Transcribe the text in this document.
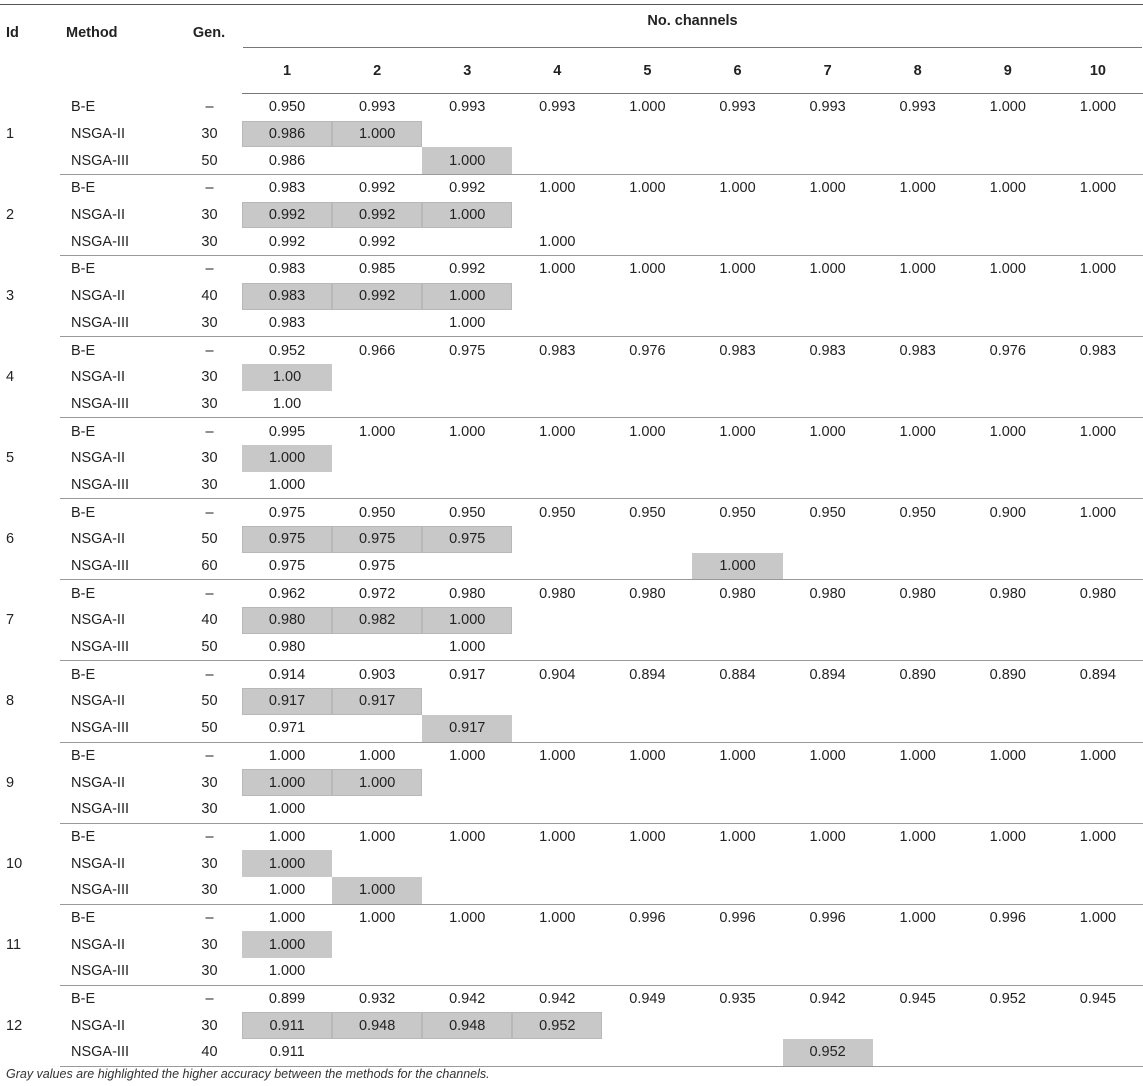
Id	Method	Gen.	No. channels									

			1	2	3	4	5	6	7	8	9	10
1	B-E	–	0.950	0.993	0.993	0.993	1.000	0.993	0.993	0.993	1.000	1.000
	NSGA-II	30	0.986	1.000								
	NSGA-III	50	0.986		1.000							
2	B-E	–	0.983	0.992	0.992	1.000	1.000	1.000	1.000	1.000	1.000	1.000
	NSGA-II	30	0.992	0.992	1.000							
	NSGA-III	30	0.992	0.992		1.000						
3	B-E	–	0.983	0.985	0.992	1.000	1.000	1.000	1.000	1.000	1.000	1.000
	NSGA-II	40	0.983	0.992	1.000							
	NSGA-III	30	0.983		1.000							
4	B-E	–	0.952	0.966	0.975	0.983	0.976	0.983	0.983	0.983	0.976	0.983
	NSGA-II	30	1.00									
	NSGA-III	30	1.00									
5	B-E	–	0.995	1.000	1.000	1.000	1.000	1.000	1.000	1.000	1.000	1.000
	NSGA-II	30	1.000									
	NSGA-III	30	1.000									
6	B-E	–	0.975	0.950	0.950	0.950	0.950	0.950	0.950	0.950	0.900	1.000
	NSGA-II	50	0.975	0.975	0.975							
	NSGA-III	60	0.975	0.975				1.000				
7	B-E	–	0.962	0.972	0.980	0.980	0.980	0.980	0.980	0.980	0.980	0.980
	NSGA-II	40	0.980	0.982	1.000							
	NSGA-III	50	0.980		1.000							
8	B-E	–	0.914	0.903	0.917	0.904	0.894	0.884	0.894	0.890	0.890	0.894
	NSGA-II	50	0.917	0.917								
	NSGA-III	50	0.971		0.917							
9	B-E	–	1.000	1.000	1.000	1.000	1.000	1.000	1.000	1.000	1.000	1.000
	NSGA-II	30	1.000	1.000								
	NSGA-III	30	1.000									
10	B-E	–	1.000	1.000	1.000	1.000	1.000	1.000	1.000	1.000	1.000	1.000
	NSGA-II	30	1.000									
	NSGA-III	30	1.000	1.000								
11	B-E	–	1.000	1.000	1.000	1.000	0.996	0.996	0.996	1.000	0.996	1.000
	NSGA-II	30	1.000									
	NSGA-III	30	1.000									
12	B-E	–	0.899	0.932	0.942	0.942	0.949	0.935	0.942	0.945	0.952	0.945
	NSGA-II	30	0.911	0.948	0.948	0.952						
	NSGA-III	40	0.911						0.952			
Gray values are highlighted the higher accuracy between the methods for the channels.
